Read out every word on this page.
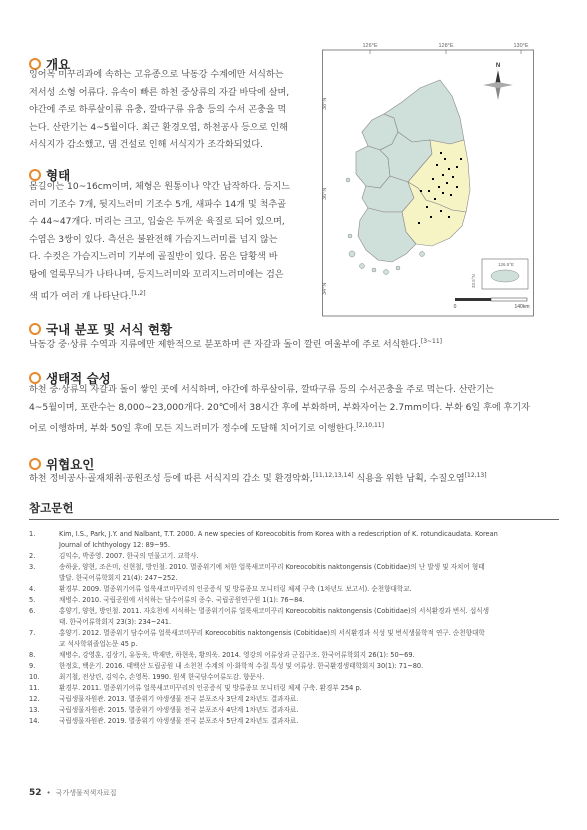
개요

잉어목 미꾸리과에 속하는 고유종으로 낙동강 수계에만 서식하는
저서성 소형 어류다. 유속이 빠른 하천 중상류의 자갈 바닥에 살며,
야간에 주로 하루살이류 유충, 깔따구류 유충 등의 수서 곤충을 먹
는다. 산란기는 4~5월이다. 최근 환경오염, 하천공사 등으로 인해
서식지가 감소했고, 댐 건설로 인해 서식지가 조각화되었다.

형태

몸길이는 10~16cm이며, 체형은 원통이나 약간 납작하다. 등지느
러미 기조수 7개, 뒷지느러미 기조수 5개, 새파수 14개 및 척추골
수 44~47개다. 머리는 크고, 입술은 두꺼운 육질로 되어 있으며,
수염은 3쌍이 있다. 측선은 불완전해 가슴지느러미를 넘지 않는
다. 수컷은 가슴지느러미 기부에 골질반이 있다. 몸은 담황색 바
탕에 얼룩무늬가 나타나며, 등지느러미와 꼬리지느러미에는 검은
색 띠가 여러 개 나타난다.[1,2]

126°E	128°E	130°E
38°N
36°N
34°N
N
126.5°E
33.5°N
0	140km
국내 분포 및 서식 현황

낙동강 중·상류 수역과 지류에만 제한적으로 분포하며 큰 자갈과 돌이 깔린 여울부에 주로 서식한다.[3~11]

생태적 습성

하천 중·상류의 자갈과 돌이 쌓인 곳에 서식하며, 야간에 하루살이류, 깔따구류 등의 수서곤충을 주로 먹는다. 산란기는
4~5월이며, 포란수는 8,000~23,000개다. 20℃에서 38시간 후에 부화하며, 부화자어는 2.7mm이다. 부화 6일 후에 후기자
어로 이행하며, 부화 50일 후에 모든 지느러미가 정수에 도달해 치어기로 이행한다.[2,10,11]

위협요인

하천 정비공사·골재채취·공원조성 등에 따른 서식지의 감소 및 환경악화,[11,12,13,14] 식용을 위한 남획, 수질오염[12,13]

참고문헌
1.	Kim, I.S., Park, J.Y. and Nalbant, T.T. 2000. A new species of Koreocobitis from Korea with a redescription of K. rotundicaudata. Korean
Journal of Ichthyology 12: 89~95.
2.	김익수, 박종영. 2007. 한국의 민물고기. 교학사.
3.	송하윤, 양현, 조은미, 신현철, 방인철. 2010. 멸종위기에 처한 얼룩새코미꾸리 Koreocobitis naktongensis (Cobitidae)의 난 발생 및 자치어 형태
발달. 한국어류학회지 21(4): 247~252.
4.	환경부. 2009. 멸종위기어류 얼룩새코미꾸리의 인공증식 및 방류종묘 모니터링 체제 구축 (1차년도 보고서). 순천향대학교.
5.	채병수. 2010. 국립공원에 서식하는 담수어류의 종수. 국립공원연구원 1(1): 76~84.
6.	홍양기, 양현, 방인철. 2011. 자호천에 서식하는 멸종위기어류 얼룩새코미꾸리 Koreocobitis naktongensis (Cobitidae)의 서식환경과 번식. 섭식생
태. 한국어류학회지 23(3): 234~241.
7.	홍양기. 2012. 멸종위기 담수어류 얼룩새코미꾸리 Koreocobitis naktongensis (Cobitidae)의 서식환경과 식성 및 번식생물학적 연구. 순천향대학
교 석사학위졸업논문 45 p.
8.	채병수, 강영훈, 김상기, 유동욱, 박재만, 하현욱, 황의욱. 2014. 영강의 어류상과 군집구조. 한국어류학회지 26(1): 50~69.
9.	한정호, 백운기. 2016. 태백산 도립공원 내 소천천 수계의 이·화학적 수질 특성 및 어류상. 한국환경생태학회지 30(1): 71~80.
10.	최기철, 전상린, 김익수, 손영목. 1990. 원색 한국담수어류도감. 향문사.
11.	환경부. 2011. 멸종위기어류 얼룩새코미꾸리의 인공증식 및 방류종묘 모니터링 체제 구축. 환경부 254 p.
12.	국립생물자원관. 2013. 멸종위기 야생생물 전국 분포조사 3단계 2차년도 결과자료.
13.	국립생물자원관. 2015. 멸종위기 야생생물 전국 분포조사 4단계 1차년도 결과자료.
14.	국립생물자원관. 2019. 멸종위기 야생생물 전국 분포조사 5단계 2차년도 결과자료.
52 • 국가생물적색자료집
